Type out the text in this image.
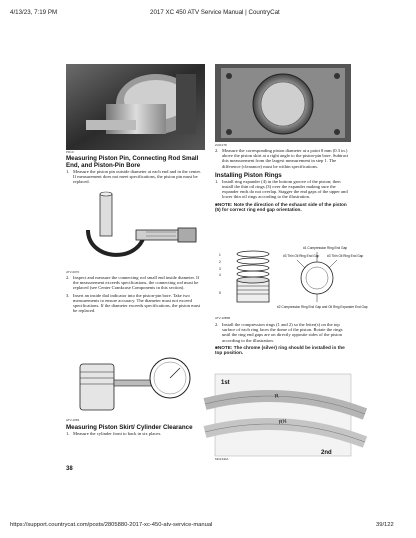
4/13/23, 7:19 PM	2017 XC 450 ATV Service Manual | CountryCat
PD10
Measuring Piston Pin, Connecting Rod Small End, and Piston-Pin Bore
1. Measure the piston pin outside diameter at each end and in the center. If measurement does not meet specifications, the piston pin must be replaced.
ATV-0070
2. Inspect and measure the connecting rod small end inside diameter. If the measurement exceeds specifications, the connecting rod must be replaced (see Center Crankcase Components in this section).
3. Insert an inside dial indicator into the piston-pin bore. Take two measurements to ensure accuracy. The diameter must not exceed specifications. If the diameter exceeds specifications, the piston must be replaced.
ATV-1069
Measuring Piston Skirt/ Cylinder Clearance
1. Measure the cylinder front to back in six places.
ZJ21278
2. Measure the corresponding piston diameter at a point 8 mm (0.3 in.) above the piston skirt at a right angle to the piston-pin bore. Subtract this measurement from the largest measurement in step 1. The difference (clearance) must be within specifications.
Installing Piston Rings
1. Install ring expander (4) in the bottom groove of the piston; then install the thin oil rings (3) over the expander making sure the expander ends do not overlap. Stagger the end gaps of the upper and lower thin oil rings according to the illustration.
■NOTE: Note the direction of the exhaust side of the piston (5) for correct ring end gap orientation.
1
2
3
4
5
#1 Compression Ring End Gap
#3 Thin Oil Ring End Gap #3 Thin Oil Ring End Gap
#2 Compression Ring End Gap and Oil Ring Expander End Gap
ATV-1085B
2. Install the compression rings (1 and 2) so the letter(s) on the top surface of each ring faces the dome of the piston. Rotate the rings until the ring end gaps are on directly opposite sides of the piston according to the illustration.
■NOTE: The chrome (silver) ring should be installed in the top position.
1st
R
RN
2nd
MD1340A
38
https://support.countrycat.com/posts/2805880-2017-xc-450-atv-service-manual	39/122
